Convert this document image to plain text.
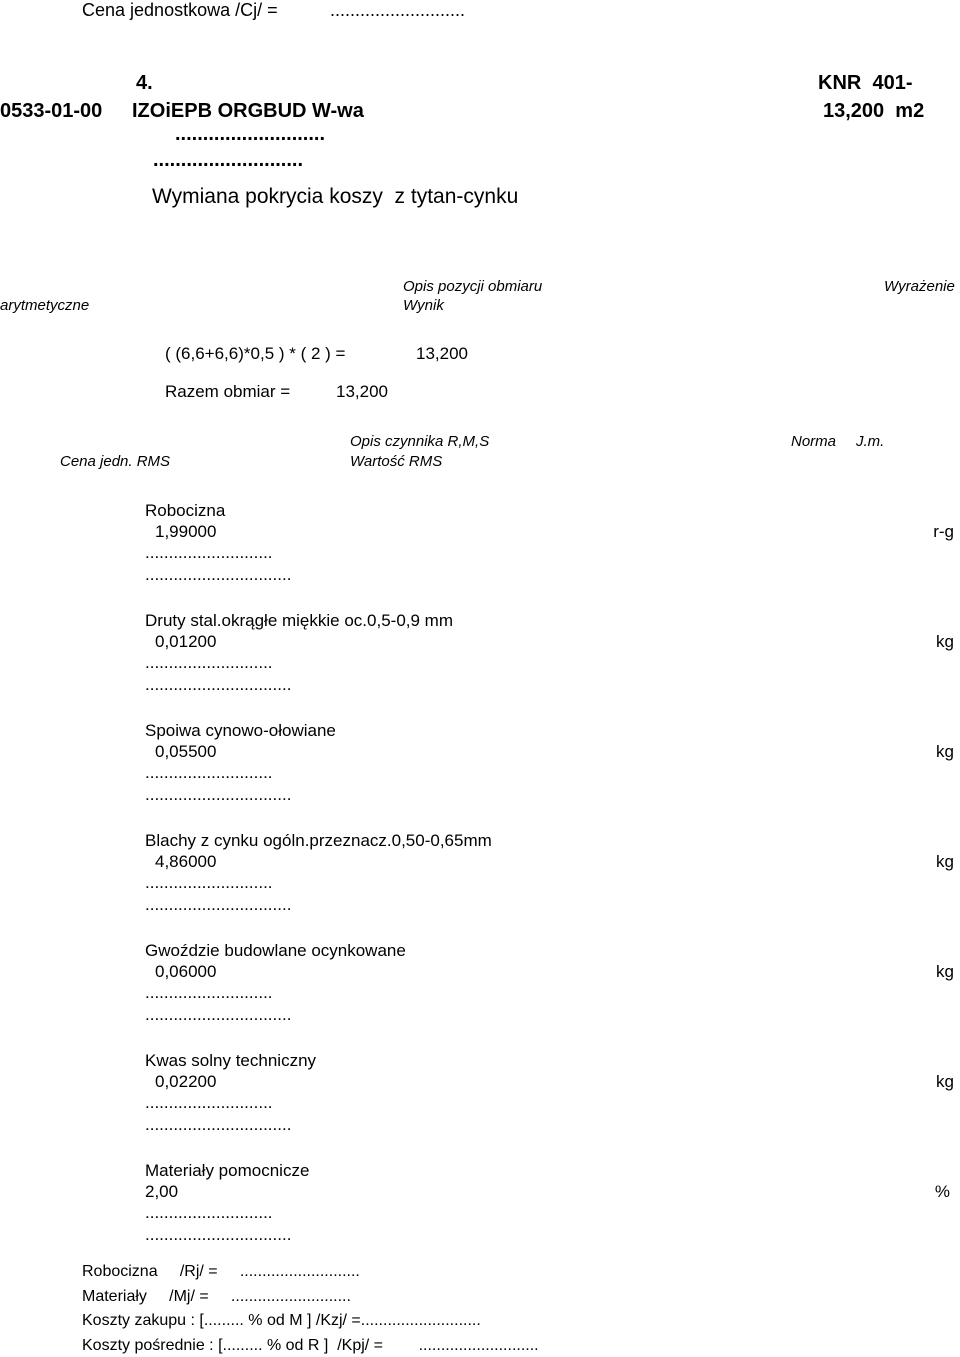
Cena jednostkowa /Cj/ =	...........................
4.	KNR  401-
0533-01-00 IZOiEPB ORGBUD W-wa	13,200  m2
...........................
...........................
Wymiana pokrycia koszy  z tytan-cynku
Opis pozycji obmiaru	Wyrażenie
arytmetyczne	Wynik
( (6,6+6,6)*0,5 ) * ( 2 ) =	13,200
Razem obmiar =	13,200
Opis czynnika R,M,S	Norma J.m.
Cena jedn. RMS	Wartość RMS
Robocizna
1,99000	r-g
...........................
...............................
Druty stal.okrągłe miękkie oc.0,5-0,9 mm
0,01200	kg
...........................
...............................
Spoiwa cynowo-ołowiane
0,05500	kg
...........................
...............................
Blachy z cynku ogóln.przeznacz.0,50-0,65mm
4,86000	kg
...........................
...............................
Gwoździe budowlane ocynkowane
0,06000	kg
...........................
...............................
Kwas solny techniczny
0,02200	kg
...........................
...............................
Materiały pomocnicze
2,00	%
...........................
...............................
Robocizna     /Rj/ =     ...........................
Materiały     /Mj/ =     ...........................
Koszty zakupu : [......... % od M ] /Kzj/ =...........................
Koszty pośrednie : [......... % od R ]  /Kpj/ =        ...........................
